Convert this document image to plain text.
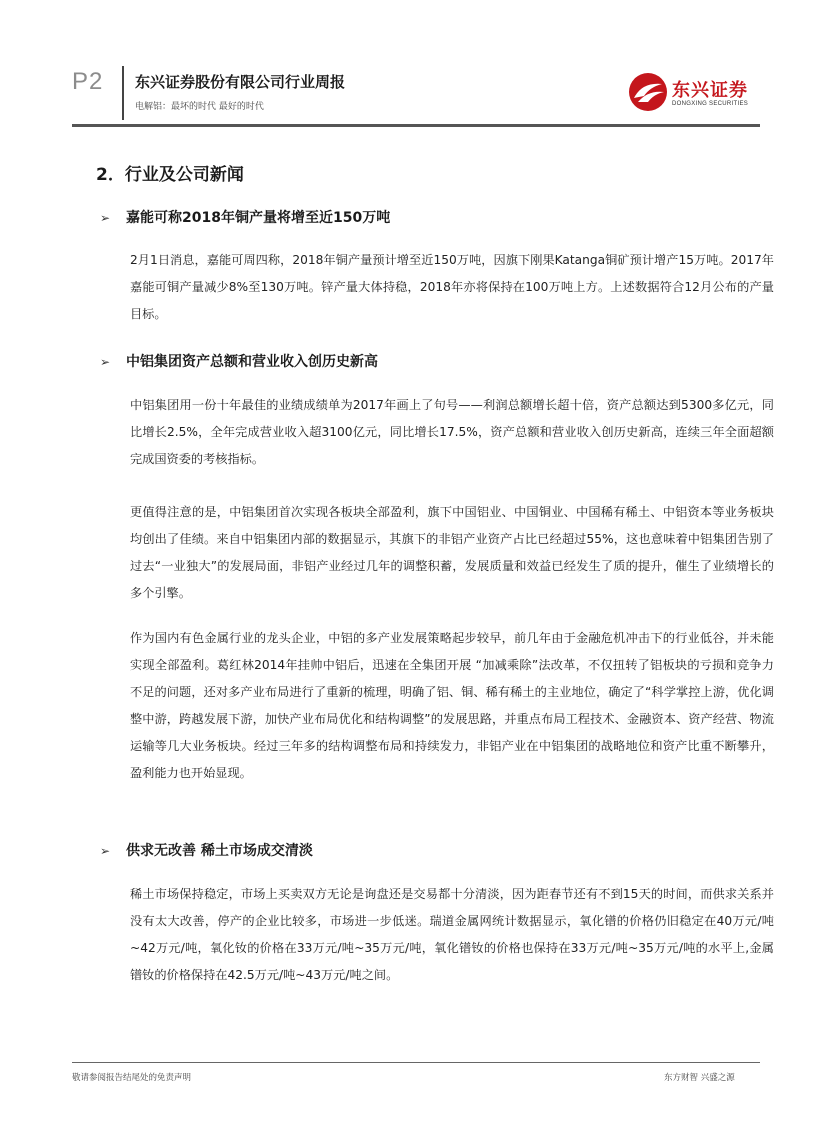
P2 东兴证券股份有限公司行业周报
电解铝：最坏的时代 最好的时代
东兴证券
DONGXING SECURITIES
2．行业及公司新闻
➢ 嘉能可称2018年铜产量将增至近150万吨

2月1日消息，嘉能可周四称，2018年铜产量预计增至近150万吨，因旗下刚果Katanga铜矿预计增产15万吨。2017年嘉能可铜产量减少8%至130万吨。锌产量大体持稳，2018年亦将保持在100万吨上方。上述数据符合12月公布的产量目标。

➢ 中铝集团资产总额和营业收入创历史新高

中铝集团用一份十年最佳的业绩成绩单为2017年画上了句号——利润总额增长超十倍，资产总额达到5300多亿元，同比增长2.5%，全年完成营业收入超3100亿元，同比增长17.5%，资产总额和营业收入创历史新高，连续三年全面超额完成国资委的考核指标。

更值得注意的是，中铝集团首次实现各板块全部盈利，旗下中国铝业、中国铜业、中国稀有稀土、中铝资本等业务板块均创出了佳绩。来自中铝集团内部的数据显示，其旗下的非铝产业资产占比已经超过55%，这也意味着中铝集团告别了过去“一业独大”的发展局面，非铝产业经过几年的调整积蓄，发展质量和效益已经发生了质的提升，催生了业绩增长的多个引擎。

作为国内有色金属行业的龙头企业，中铝的多产业发展策略起步较早，前几年由于金融危机冲击下的行业低谷，并未能实现全部盈利。葛红林2014年挂帅中铝后，迅速在全集团开展 “加减乘除”法改革，不仅扭转了铝板块的亏损和竞争力不足的问题，还对多产业布局进行了重新的梳理，明确了铝、铜、稀有稀土的主业地位，确定了“科学掌控上游，优化调整中游，跨越发展下游，加快产业布局优化和结构调整”的发展思路，并重点布局工程技术、金融资本、资产经营、物流运输等几大业务板块。经过三年多的结构调整布局和持续发力，非铝产业在中铝集团的战略地位和资产比重不断攀升，盈利能力也开始显现。

➢ 供求无改善 稀土市场成交清淡

稀土市场保持稳定，市场上买卖双方无论是询盘还是交易都十分清淡，因为距春节还有不到15天的时间，而供求关系并没有太大改善，停产的企业比较多，市场进一步低迷。瑞道金属网统计数据显示，氧化镨的价格仍旧稳定在40万元/吨~42万元/吨，氧化钕的价格在33万元/吨~35万元/吨，氧化镨钕的价格也保持在33万元/吨~35万元/吨的水平上,金属镨钕的价格保持在42.5万元/吨~43万元/吨之间。

敬请参阅报告结尾处的免责声明	东方财智 兴盛之源
